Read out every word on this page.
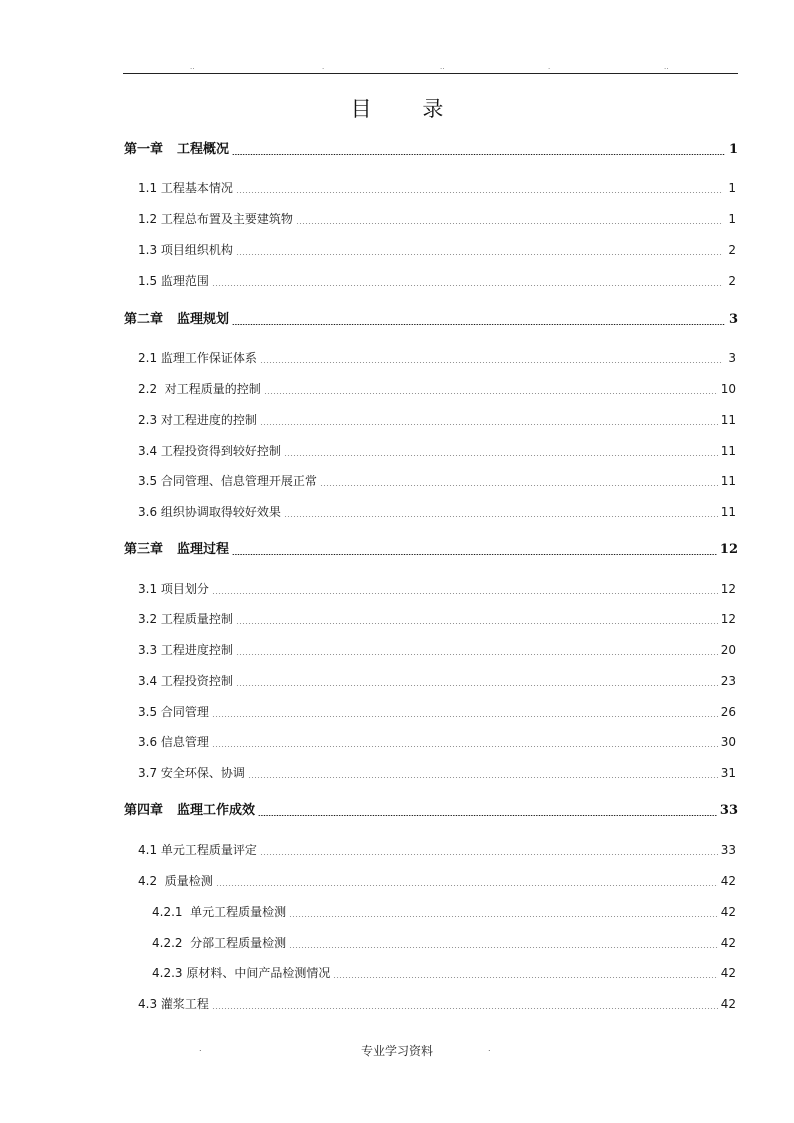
..	.	..	.	..
目 录
第一章 工程概况	1
1.1 工程基本情况	1
1.2 工程总布置及主要建筑物	1
1.3 项目组织机构	2
1.5 监理范围	2
第二章 监理规划	3
2.1 监理工作保证体系	3
2.2  对工程质量的控制	10
2.3 对工程进度的控制	11
3.4 工程投资得到较好控制	11
3.5 合同管理、信息管理开展正常	11
3.6 组织协调取得较好效果	11
第三章 监理过程	12
3.1 项目划分	12
3.2 工程质量控制	12
3.3 工程进度控制	20
3.4 工程投资控制	23
3.5 合同管理	26
3.6 信息管理	30
3.7 安全环保、协调	31
第四章 监理工作成效	33
4.1 单元工程质量评定	33
4.2  质量检测	42
4.2.1  单元工程质量检测	42
4.2.2  分部工程质量检测	42
4.2.3 原材料、中间产品检测情况	42
4.3 灌浆工程	42
.	专业学习资料	.
